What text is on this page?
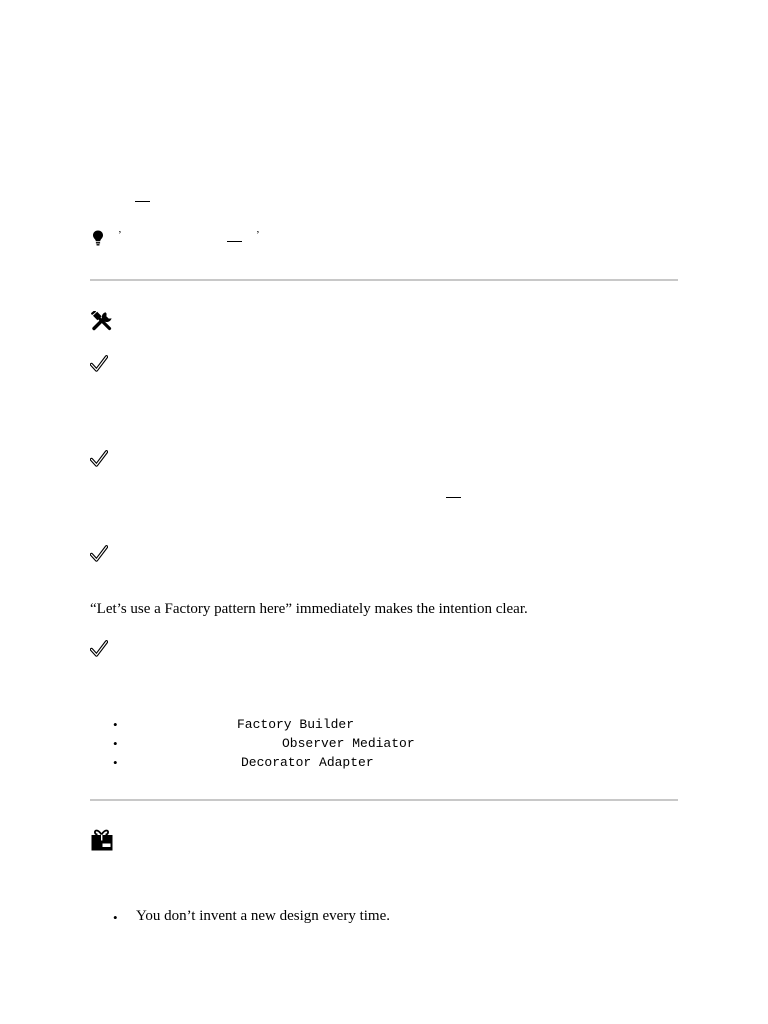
’	’
“Let’s use a Factory pattern here” immediately makes the intention clear.
•	Factory Builder
•	Observer Mediator
•	Decorator Adapter
• You don’t invent a new design every time.
